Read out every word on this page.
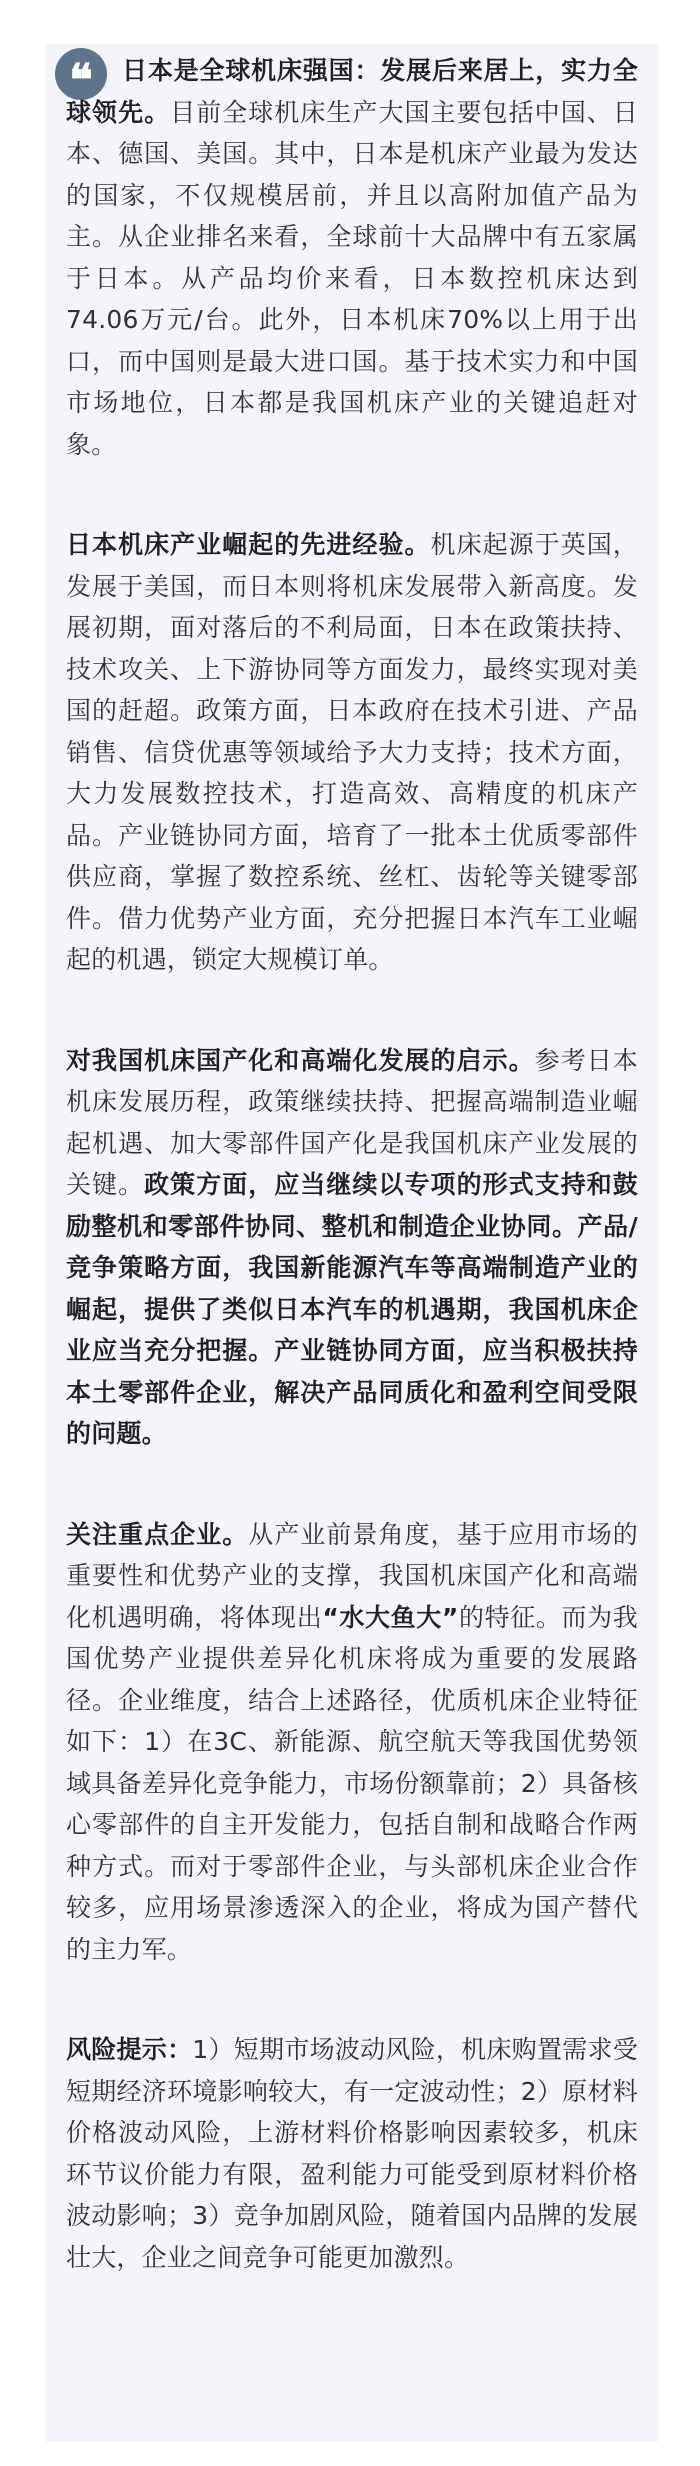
❝	日本是全球机床强国：发展后来居上，实力全球领先。目前全球机床生产大国主要包括中国、日本、德国、美国。其中，日本是机床产业最为发达的国家，不仅规模居前，并且以高附加值产品为主。从企业排名来看，全球前十大品牌中有五家属于日本。从产品均价来看，日本数控机床达到74.06万元/台。此外，日本机床70%以上用于出口，而中国则是最大进口国。基于技术实力和中国市场地位，日本都是我国机床产业的关键追赶对象。

日本机床产业崛起的先进经验。机床起源于英国，发展于美国，而日本则将机床发展带入新高度。发展初期，面对落后的不利局面，日本在政策扶持、技术攻关、上下游协同等方面发力，最终实现对美国的赶超。政策方面，日本政府在技术引进、产品销售、信贷优惠等领域给予大力支持；技术方面，大力发展数控技术，打造高效、高精度的机床产品。产业链协同方面，培育了一批本土优质零部件供应商，掌握了数控系统、丝杠、齿轮等关键零部件。借力优势产业方面，充分把握日本汽车工业崛起的机遇，锁定大规模订单。

对我国机床国产化和高端化发展的启示。参考日本机床发展历程，政策继续扶持、把握高端制造业崛起机遇、加大零部件国产化是我国机床产业发展的关键。政策方面，应当继续以专项的形式支持和鼓励整机和零部件协同、整机和制造企业协同。产品/竞争策略方面，我国新能源汽车等高端制造产业的崛起，提供了类似日本汽车的机遇期，我国机床企业应当充分把握。产业链协同方面，应当积极扶持本土零部件企业，解决产品同质化和盈利空间受限的问题。

关注重点企业。从产业前景角度，基于应用市场的重要性和优势产业的支撑，我国机床国产化和高端化机遇明确，将体现出“水大鱼大”的特征。而为我国优势产业提供差异化机床将成为重要的发展路径。企业维度，结合上述路径，优质机床企业特征如下：1）在3C、新能源、航空航天等我国优势领域具备差异化竞争能力，市场份额靠前；2）具备核心零部件的自主开发能力，包括自制和战略合作两种方式。而对于零部件企业，与头部机床企业合作较多，应用场景渗透深入的企业，将成为国产替代的主力军。

风险提示：1）短期市场波动风险，机床购置需求受短期经济环境影响较大，有一定波动性；2）原材料价格波动风险，上游材料价格影响因素较多，机床环节议价能力有限，盈利能力可能受到原材料价格波动影响；3）竞争加剧风险，随着国内品牌的发展壮大，企业之间竞争可能更加激烈。
